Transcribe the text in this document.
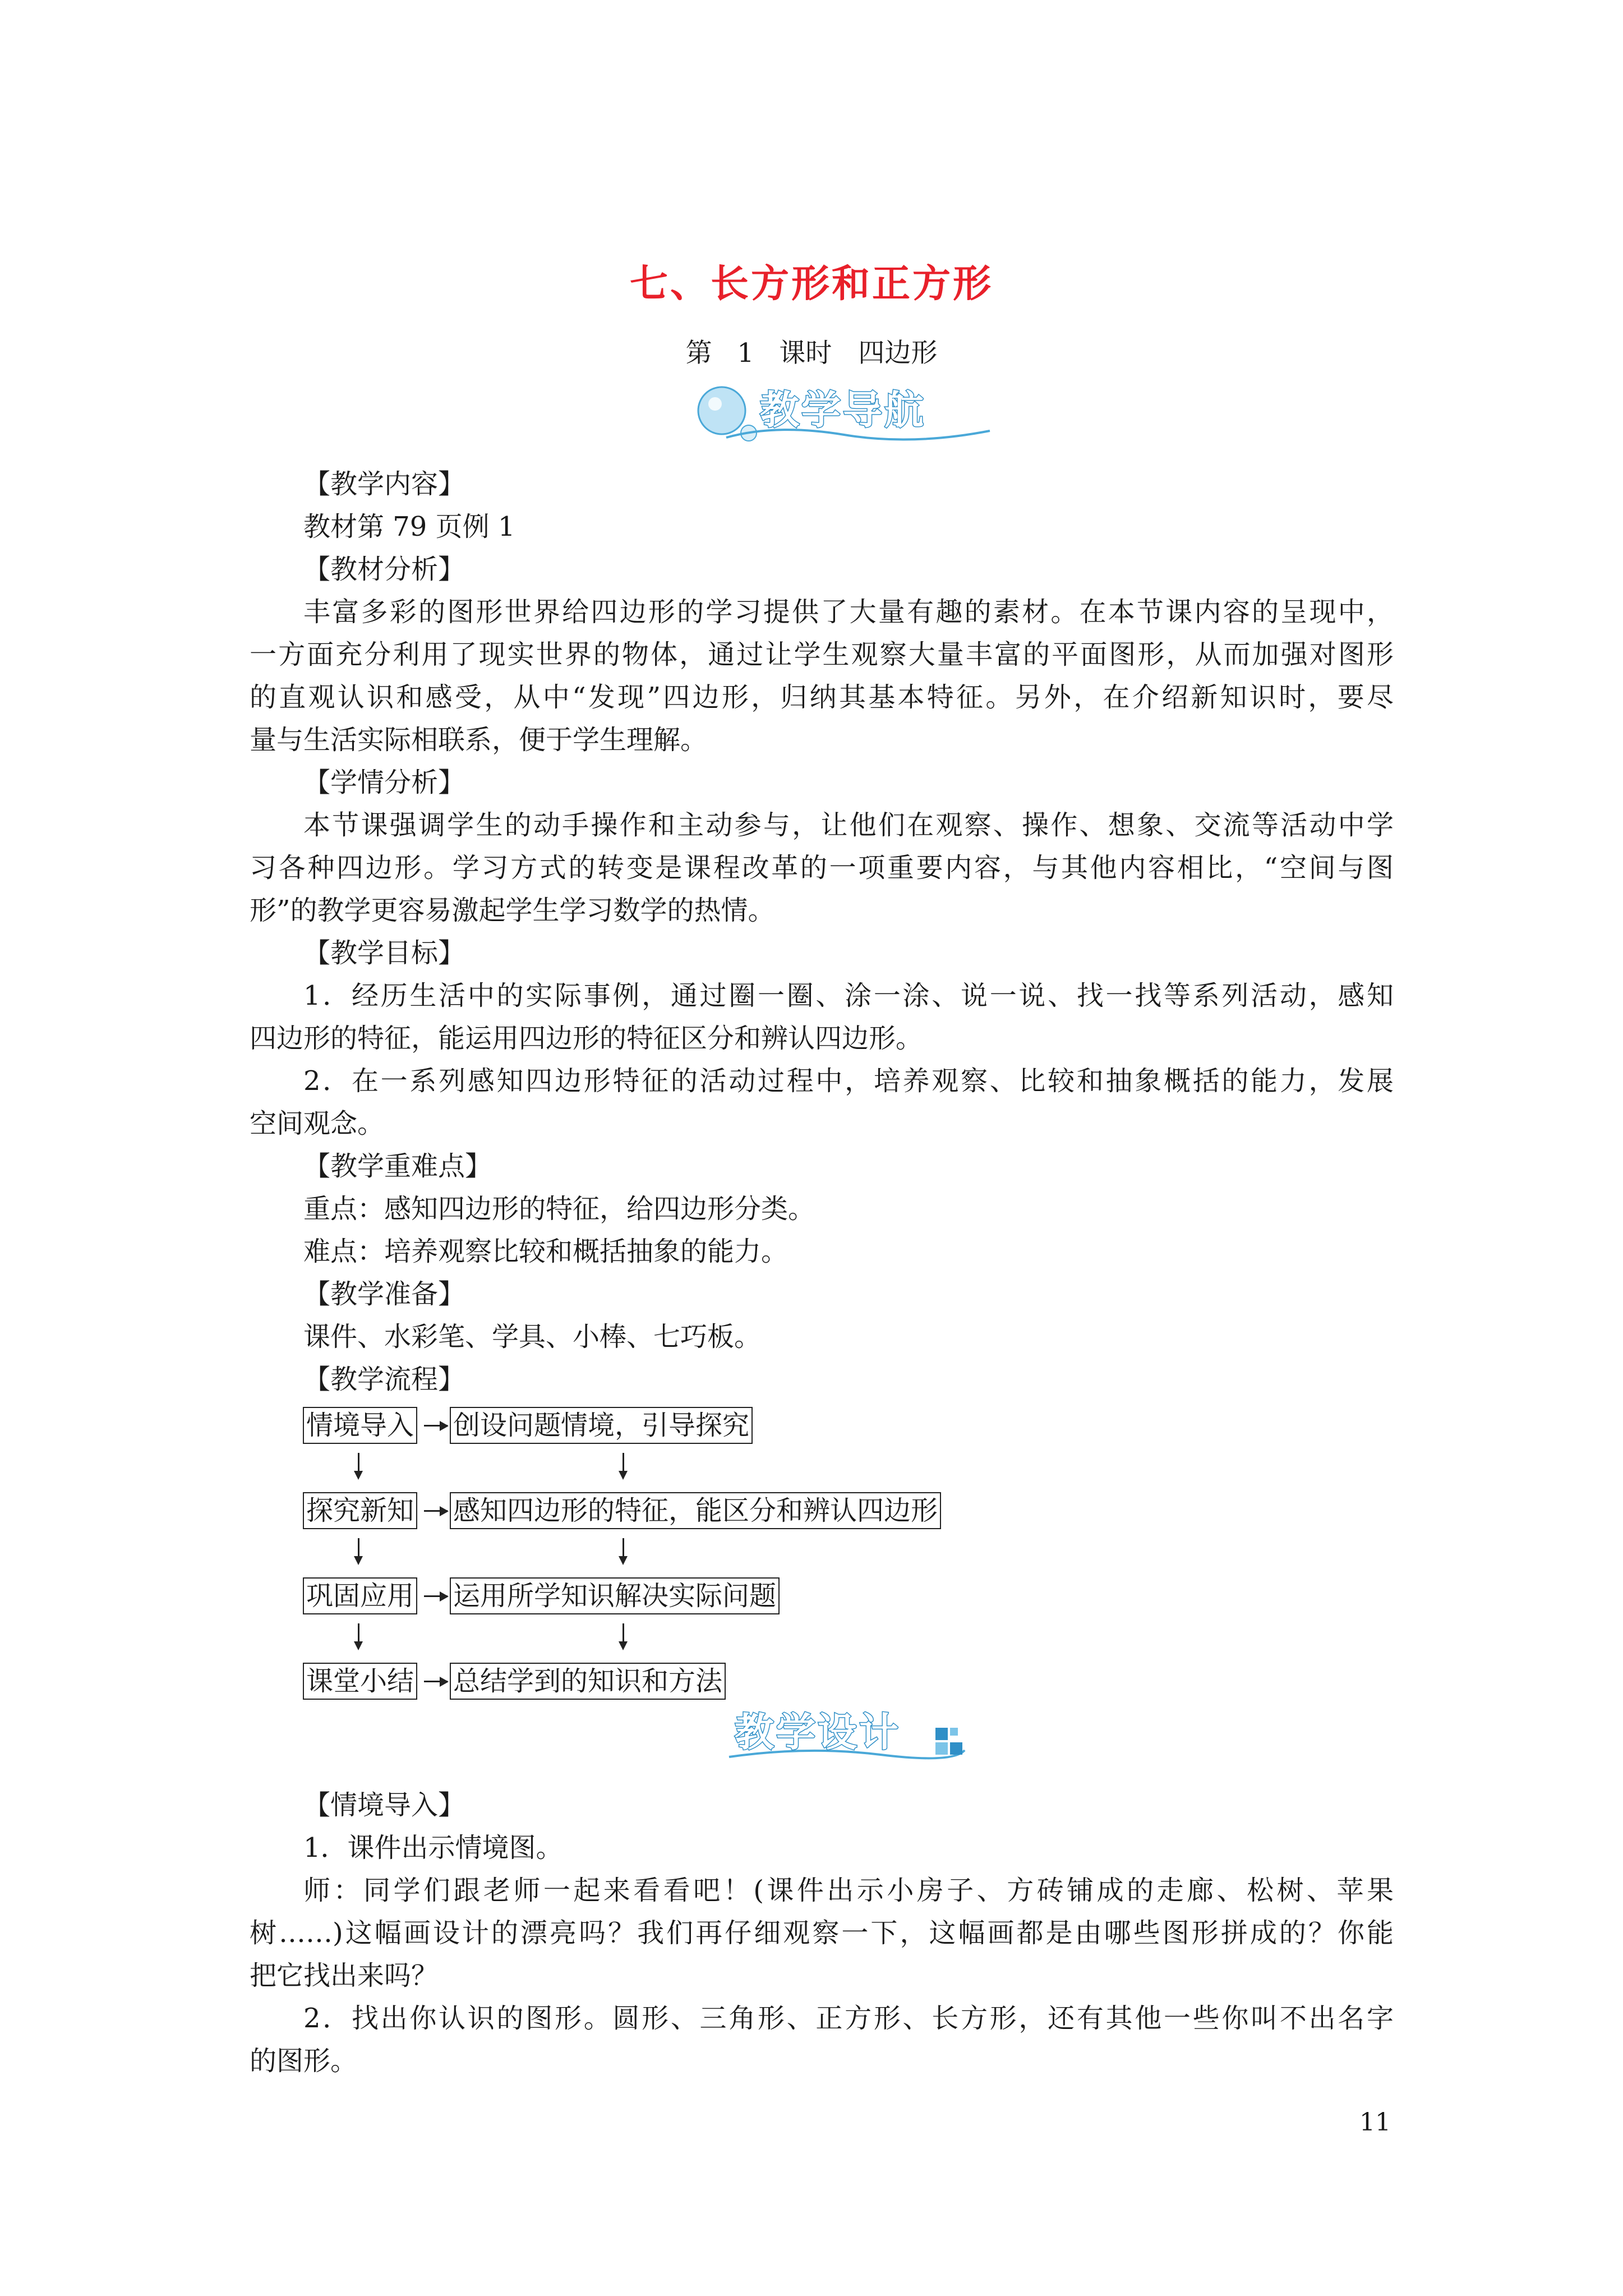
七、长方形和正方形
第 1 课时　四边形
教学导航
【教学内容】
教材第 79 页例 1
【教材分析】
丰富多彩的图形世界给四边形的学习提供了大量有趣的素材。在本节课内容的呈现中，
一方面充分利用了现实世界的物体，通过让学生观察大量丰富的平面图形，从而加强对图形
的直观认识和感受，从中“发现”四边形，归纳其基本特征。另外，在介绍新知识时，要尽
量与生活实际相联系，便于学生理解。
【学情分析】
本节课强调学生的动手操作和主动参与，让他们在观察、操作、想象、交流等活动中学
习各种四边形。学习方式的转变是课程改革的一项重要内容，与其他内容相比，“空间与图
形”的教学更容易激起学生学习数学的热情。
【教学目标】
1．经历生活中的实际事例，通过圈一圈、涂一涂、说一说、找一找等系列活动，感知
四边形的特征，能运用四边形的特征区分和辨认四边形。
2．在一系列感知四边形特征的活动过程中，培养观察、比较和抽象概括的能力，发展
空间观念。
【教学重难点】
重点：感知四边形的特征，给四边形分类。
难点：培养观察比较和概括抽象的能力。
【教学准备】
课件、水彩笔、学具、小棒、七巧板。
【教学流程】
情境导入 创设问题情境，引导探究
探究新知 感知四边形的特征，能区分和辨认四边形
巩固应用 运用所学知识解决实际问题
课堂小结 总结学到的知识和方法
教学设计
【情境导入】
1．课件出示情境图。
师：同学们跟老师一起来看看吧！(课件出示小房子、方砖铺成的走廊、松树、苹果
树……)这幅画设计的漂亮吗？我们再仔细观察一下，这幅画都是由哪些图形拼成的？你能
把它找出来吗？
2．找出你认识的图形。圆形、三角形、正方形、长方形，还有其他一些你叫不出名字
的图形。
11
